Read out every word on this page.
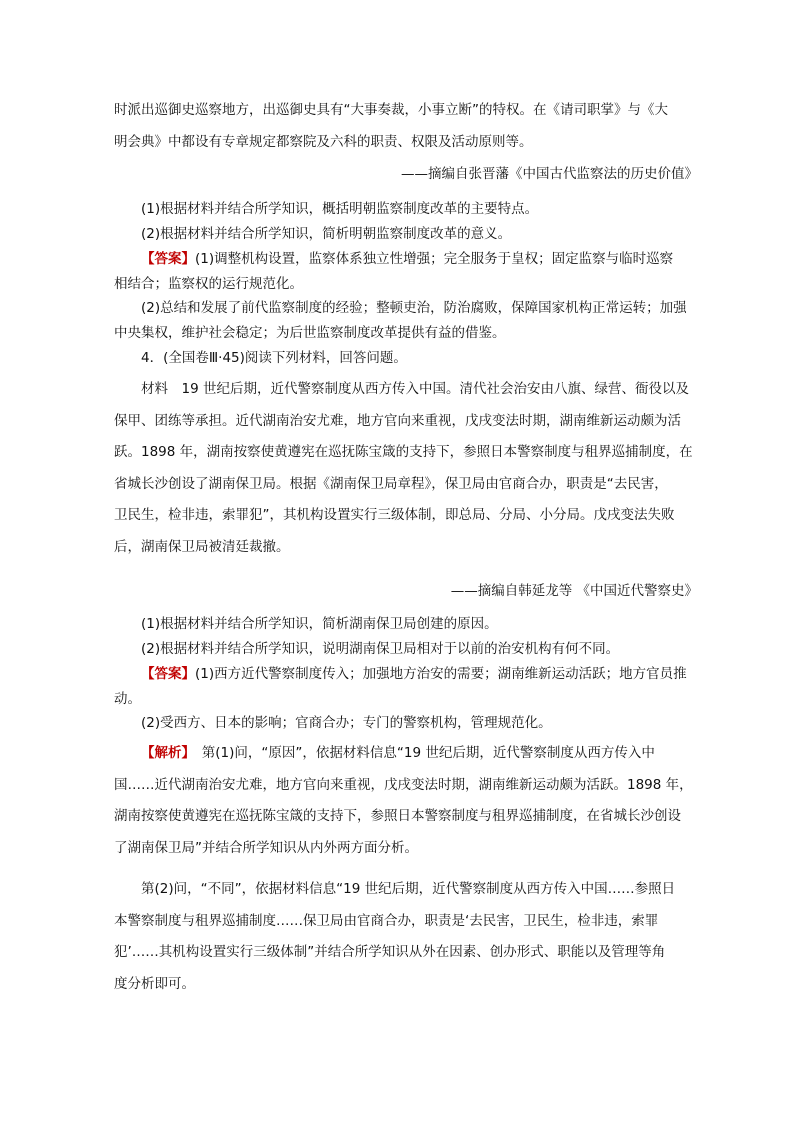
时派出巡御史巡察地方，出巡御史具有“大事奏裁，小事立断”的特权。在《请司职掌》与《大
明会典》中都设有专章规定都察院及六科的职责、权限及活动原则等。
——摘编自张晋藩《中国古代监察法的历史价值》
(1)根据材料并结合所学知识，概括明朝监察制度改革的主要特点。
(2)根据材料并结合所学知识，简析明朝监察制度改革的意义。
【答案】(1)调整机构设置，监察体系独立性增强；完全服务于皇权；固定监察与临时巡察
相结合；监察权的运行规范化。
(2)总结和发展了前代监察制度的经验；整顿吏治，防治腐败，保障国家机构正常运转；加强
中央集权，维护社会稳定；为后世监察制度改革提供有益的借鉴。
4．(全国卷Ⅲ·45)阅读下列材料，回答问题。
材料　19 世纪后期，近代警察制度从西方传入中国。清代社会治安由八旗、绿营、衙役以及
保甲、团练等承担。近代湖南治安尤难，地方官向来重视，戊戌变法时期，湖南维新运动颇为活
跃。1898 年，湖南按察使黄遵宪在巡抚陈宝箴的支持下，参照日本警察制度与租界巡捕制度，在
省城长沙创设了湖南保卫局。根据《湖南保卫局章程》，保卫局由官商合办，职责是“去民害，
卫民生，检非违，索罪犯”，其机构设置实行三级体制，即总局、分局、小分局。戊戌变法失败
后，湖南保卫局被清廷裁撤。
——摘编自韩延龙等 《中国近代警察史》
(1)根据材料并结合所学知识，简析湖南保卫局创建的原因。
(2)根据材料并结合所学知识，说明湖南保卫局相对于以前的治安机构有何不同。
【答案】(1)西方近代警察制度传入；加强地方治安的需要；湖南维新运动活跃；地方官员推
动。
(2)受西方、日本的影响；官商合办；专门的警察机构，管理规范化。
【解析】　第(1)问，“原因”，依据材料信息“19 世纪后期，近代警察制度从西方传入中
国……近代湖南治安尤难，地方官向来重视，戊戌变法时期，湖南维新运动颇为活跃。1898 年，
湖南按察使黄遵宪在巡抚陈宝箴的支持下，参照日本警察制度与租界巡捕制度，在省城长沙创设
了湖南保卫局”并结合所学知识从内外两方面分析。
第(2)问，“不同”，依据材料信息“19 世纪后期，近代警察制度从西方传入中国……参照日
本警察制度与租界巡捕制度……保卫局由官商合办，职责是‘去民害，卫民生，检非违，索罪
犯’……其机构设置实行三级体制”并结合所学知识从外在因素、创办形式、职能以及管理等角
度分析即可。
